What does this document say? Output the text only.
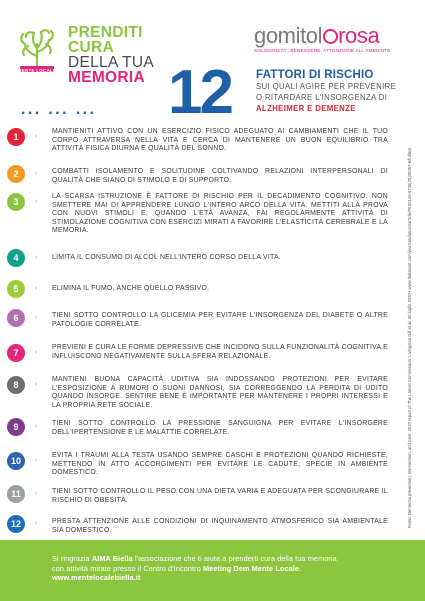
MENTE LOCALE
PRENDITI
CURA
DELLA TUA
MEMORIA
... ... ... 12
gomitol rosa
SOLIDARIETA', BENESSERE, ATTENZIONE ALL'AMBIENTE
FATTORI DI RISCHIO
SUI QUALI AGIRE PER PREVENIRE
O RITARDARE L'INSORGENZA DI
ALZHEIMER E DEMENZE
1	›
MANTIENITI ATTIVO CON UN ESERCIZIO FISICO ADEGUATO AI CAMBIAMENTI CHE IL TUO CORPO ATTRAVERSA NELLA VITA E CERCA DI MANTENERE UN BUON EQUILIBRIO TRA ATTIVITÀ FISICA DIURNA E QUALITÀ DEL SONNO.
2	› COMBATTI ISOLAMENTO E SOLITUDINE COLTIVANDO RELAZIONI INTERPERSONALI DI QUALITÀ CHE SIANO DI STIMOLO E DI SUPPORTO.
3	›
LA SCARSA ISTRUZIONE È FATTORE DI RISCHIO PER IL DECADIMENTO COGNITIVO. NON SMETTERE MAI DI APPRENDERE LUNGO L'INTERO ARCO DELLA VITA. METTITI ALLA PROVA CON NUOVI STIMOLI E, QUANDO L'ETÀ AVANZA, FAI REGOLARMENTE ATTIVITÀ DI STIMOLAZIONE COGNITIVA CON ESERCIZI MIRATI A FAVORIRE L'ELASTICITÀ CEREBRALE E LA MEMORIA.
4	› LIMITA IL CONSUMO DI ALCOL NELL'INTERO CORSO DELLA VITA.
5	› ELIMINA IL FUMO, ANCHE QUELLO PASSIVO.
6	› TIENI SOTTO CONTROLLO LA GLICEMIA PER EVITARE L'INSORGENZA DEL DIABETE O ALTRE PATOLOGIE CORRELATE.
7	›
PREVIENI E CURA LE FORME DEPRESSIVE CHE INCIDONO SULLA FUNZIONALITÀ COGNITIVA E INFLUISCONO NEGATIVAMENTE SULLA SFERA RELAZIONALE.
8	›
MANTIENI BUONA CAPACITÀ UDITIVA SIA INDOSSANDO PROTEZIONI PER EVITARE L'ESPOSIZIONE A RUMORI O SUONI DANNOSI, SIA CORREGGENDO LA PERDITA DI UDITO QUANDO INSORGE. SENTIRE BENE È IMPORTANTE PER MANTENERE I PROPRI INTERESSI E LA PROPRIA RETE SOCIALE.
9	› TIENI SOTTO CONTROLLO LA PRESSIONE SANGUIGNA PER EVITARE L'INSORGERE DELL'IPERTENSIONE E LE MALATTIE CORRELATE.
10	›
EVITA I TRAUMI ALLA TESTA USANDO SEMPRE CASCHI E PROTEZIONI QUANDO RICHIESTE, METTENDO IN ATTO ACCORGIMENTI PER EVITARE LE CADUTE, SPECIE IN AMBIENTE DOMESTICO.
11	› TIENI SOTTO CONTROLLO IL PESO CON UNA DIETA VARIA E ADEGUATA PER SCONGIURARE IL RISCHIO DI OBESITÀ.
12	› PRESTA ATTENZIONE ALLE CONDIZIONI DI INQUINAMENTO ATMOSFERICO SIA AMBIENTALE SIA DOMESTICO.
Fonte: Dementia prevention, intervention, and care: 2020 report of The Lancet Commission, Livingston Gill et al. 30 luglio 2020 • www.thelancet.com/journals/lancet/article/PIIS0140-6736(20)30367-6/fulltext
Si ringrazia AIMA Biella l'associazione che ti aiuta a prenderti cura della tua memoria
con attività mirate presso il Centro d'Incontro Meeting Dem Mente Locale.
www.mentelocalebiella.it
